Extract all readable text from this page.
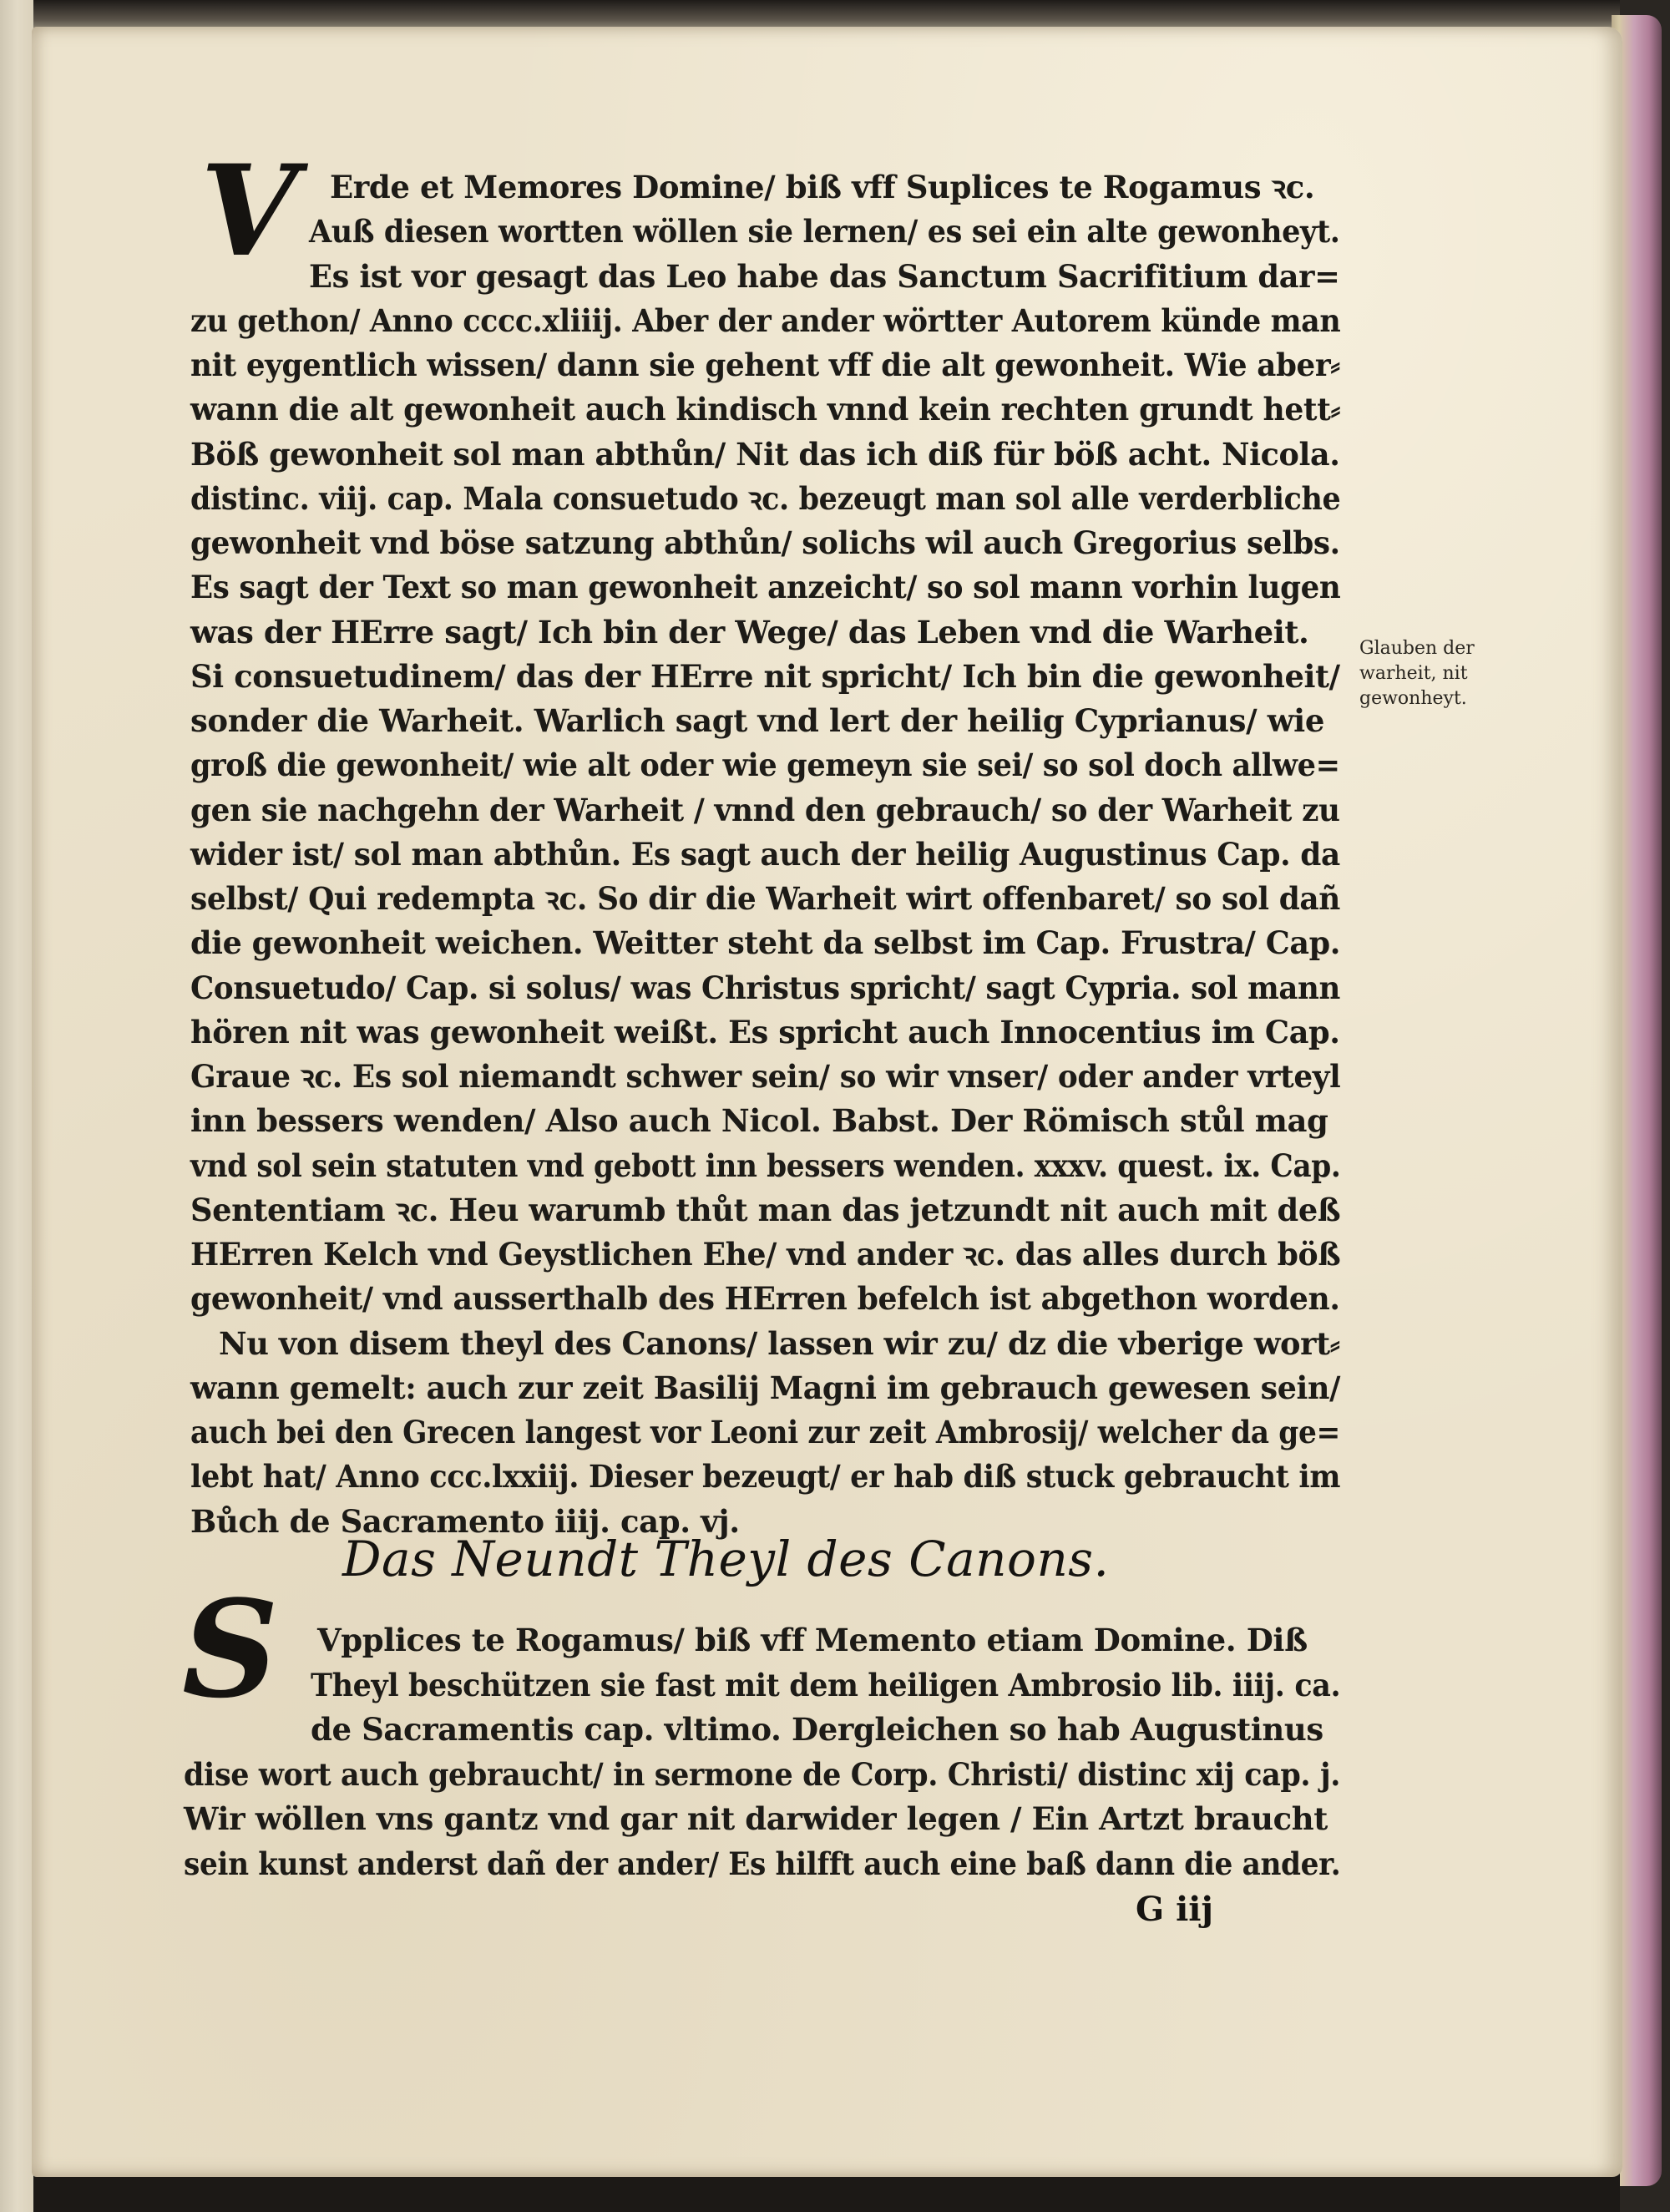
V Erde et Memores Domine/ biß vff Suplices te Rogamus ꝛc.

Auß diesen wortten wöllen sie lernen/ es sei ein alte gewonheyt.

Es ist vor gesagt das Leo habe das Sanctum Sacrifitium dar=

zu gethon/ Anno cccc.xliiij. Aber der ander wörtter Autorem künde man

nit eygentlich wissen/ dann sie gehent vff die alt gewonheit. Wie aber⸗

wann die alt gewonheit auch kindisch vnnd kein rechten grundt hett⸗

Böß gewonheit sol man abthůn/ Nit das ich diß für böß acht. Nicola.

distinc. viij. cap. Mala consuetudo ꝛc. bezeugt man sol alle verderbliche

gewonheit vnd böse satzung abthůn/ solichs wil auch Gregorius selbs.

Es sagt der Text so man gewonheit anzeicht/ so sol mann vorhin lugen

was der HErre sagt/ Ich bin der Wege/ das Leben vnd die Warheit.

Si consuetudinem/ das der HErre nit spricht/ Ich bin die gewonheit/

sonder die Warheit. Warlich sagt vnd lert der heilig Cyprianus/ wie

groß die gewonheit/ wie alt oder wie gemeyn sie sei/ so sol doch allwe=

gen sie nachgehn der Warheit / vnnd den gebrauch/ so der Warheit zu

wider ist/ sol man abthůn. Es sagt auch der heilig Augustinus Cap. da

selbst/ Qui redempta ꝛc. So dir die Warheit wirt offenbaret/ so sol dañ

die gewonheit weichen. Weitter steht da selbst im Cap. Frustra/ Cap.

Consuetudo/ Cap. si solus/ was Christus spricht/ sagt Cypria. sol mann

hören nit was gewonheit weißt. Es spricht auch Innocentius im Cap.

Graue ꝛc. Es sol niemandt schwer sein/ so wir vnser/ oder ander vrteyl

inn bessers wenden/ Also auch Nicol. Babst. Der Römisch stůl mag

vnd sol sein statuten vnd gebott inn bessers wenden. xxxv. quest. ix. Cap.

Sententiam ꝛc. Heu warumb thůt man das jetzundt nit auch mit deß

HErren Kelch vnd Geystlichen Ehe/ vnd ander ꝛc. das alles durch böß

gewonheit/ vnd ausserthalb des HErren befelch ist abgethon worden.

Nu von disem theyl des Canons/ lassen wir zu/ dz die vberige wort⸗

wann gemelt: auch zur zeit Basilij Magni im gebrauch gewesen sein/

auch bei den Grecen langest vor Leoni zur zeit Ambrosij/ welcher da ge=

lebt hat/ Anno ccc.lxxiij. Dieser bezeugt/ er hab diß stuck gebraucht im

Bůch de Sacramento iiij. cap. vj.

Glauben der
warheit, nit
gewonheyt.
Das Neundt Theyl des Canons.
S Vpplices te Rogamus/ biß vff Memento etiam Domine. Diß

Theyl beschützen sie fast mit dem heiligen Ambrosio lib. iiij. ca.

de Sacramentis cap. vltimo. Dergleichen so hab Augustinus

dise wort auch gebraucht/ in sermone de Corp. Christi/ distinc xij cap. j.

Wir wöllen vns gantz vnd gar nit darwider legen / Ein Artzt braucht

sein kunst anderst dañ der ander/ Es hilfft auch eine baß dann die ander.

G iij
